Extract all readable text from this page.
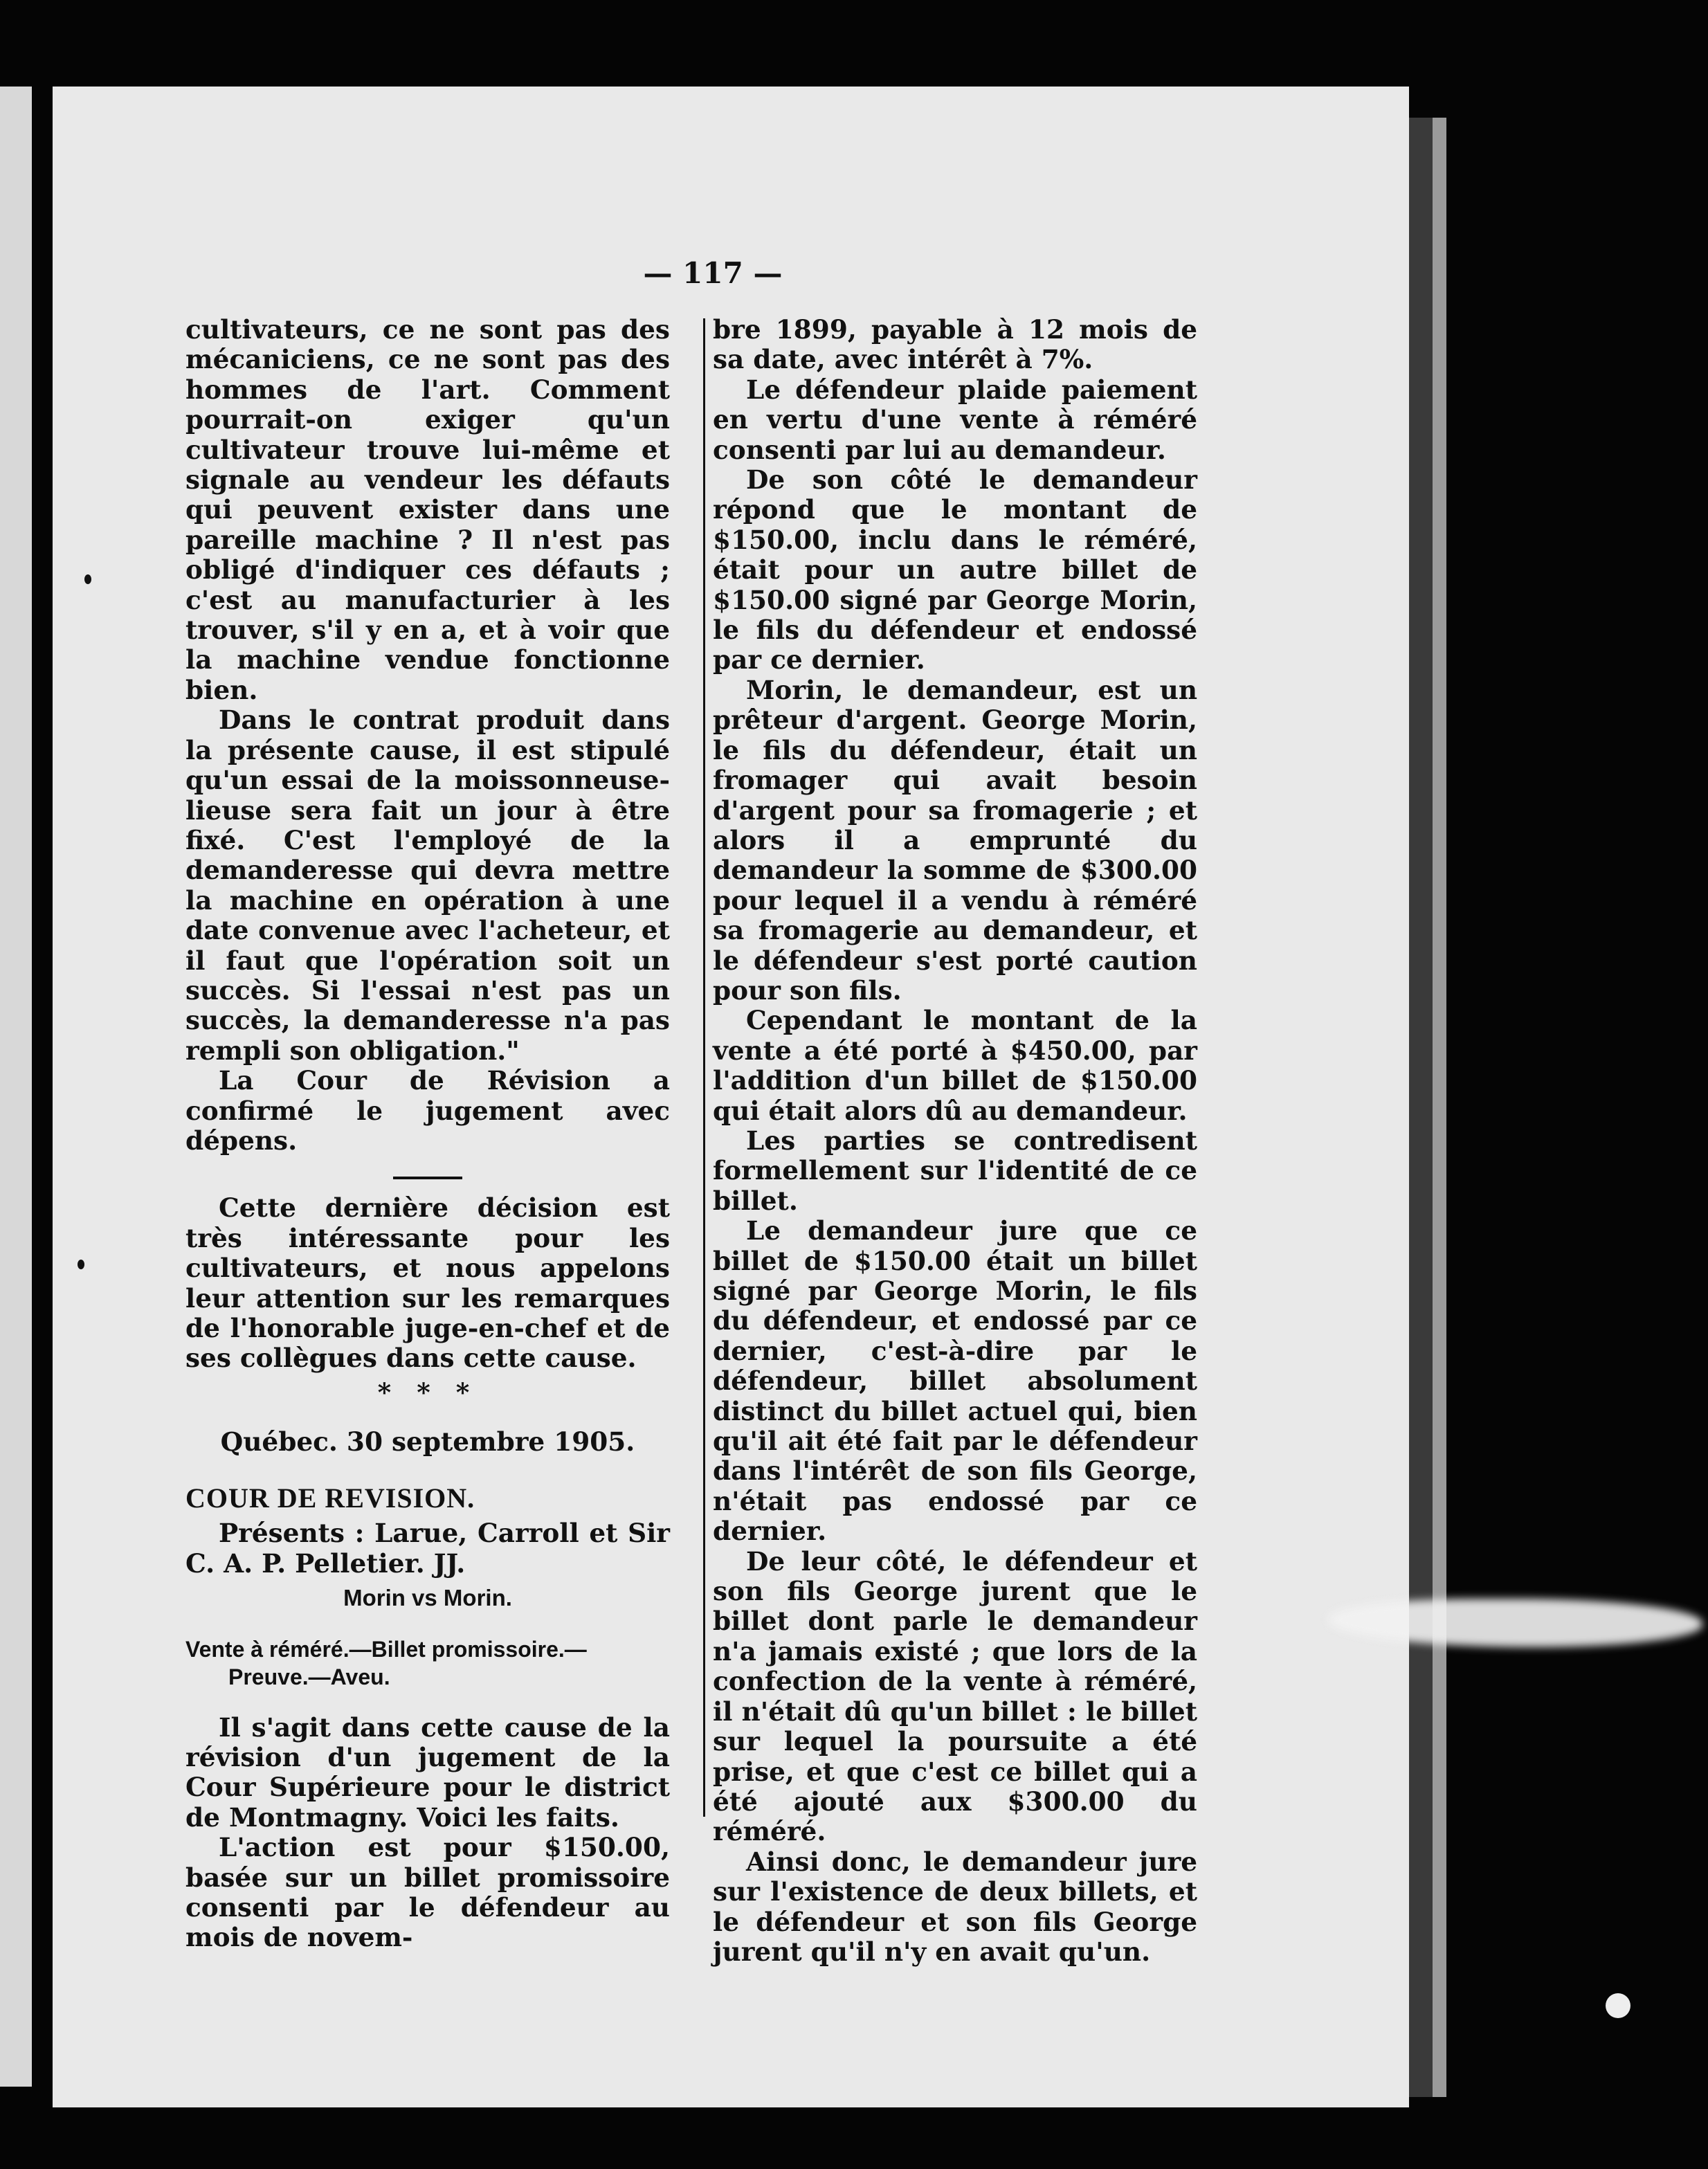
— 117 —

cultivateurs, ce ne sont pas des mécaniciens, ce ne sont pas des hommes de l'art. Comment pourrait-on exiger qu'un cultivateur trouve lui-même et signale au vendeur les défauts qui peuvent exister dans une pareille machine ? Il n'est pas obligé d'indiquer ces défauts ; c'est au manufacturier à les trouver, s'il y en a, et à voir que la machine vendue fonctionne bien.

Dans le contrat produit dans la présente cause, il est stipulé qu'un essai de la moissonneuse-lieuse sera fait un jour à être fixé. C'est l'employé de la demanderesse qui devra mettre la machine en opération à une date convenue avec l'acheteur, et il faut que l'opération soit un succès. Si l'essai n'est pas un succès, la demanderesse n'a pas rempli son obligation."

La Cour de Révision a confirmé le jugement avec dépens.

Cette dernière décision est très intéressante pour les cultivateurs, et nous appelons leur attention sur les remarques de l'honorable juge-en-chef et de ses collègues dans cette cause.

* * *

Québec. 30 septembre 1905.

COUR DE REVISION.

Présents : Larue, Carroll et Sir C. A. P. Pelletier. JJ.

Morin vs Morin.

Vente à réméré.—Billet promissoire.—
Preuve.—Aveu.

Il s'agit dans cette cause de la révision d'un jugement de la Cour Supérieure pour le district de Montmagny. Voici les faits.

L'action est pour $150.00, basée sur un billet promissoire consenti par le défendeur au mois de novem-

bre 1899, payable à 12 mois de sa date, avec intérêt à 7%.

Le défendeur plaide paiement en vertu d'une vente à réméré consenti par lui au demandeur.

De son côté le demandeur répond que le montant de $150.00, inclu dans le réméré, était pour un autre billet de $150.00 signé par George Morin, le fils du défendeur et endossé par ce dernier.

Morin, le demandeur, est un prêteur d'argent. George Morin, le fils du défendeur, était un fromager qui avait besoin d'argent pour sa fromagerie ; et alors il a emprunté du demandeur la somme de $300.00 pour lequel il a vendu à réméré sa fromagerie au demandeur, et le défendeur s'est porté caution pour son fils.

Cependant le montant de la vente a été porté à $450.00, par l'addition d'un billet de $150.00 qui était alors dû au demandeur.

Les parties se contredisent formellement sur l'identité de ce billet.

Le demandeur jure que ce billet de $150.00 était un billet signé par George Morin, le fils du défendeur, et endossé par ce dernier, c'est-à-dire par le défendeur, billet absolument distinct du billet actuel qui, bien qu'il ait été fait par le défendeur dans l'intérêt de son fils George, n'était pas endossé par ce dernier.

De leur côté, le défendeur et son fils George jurent que le billet dont parle le demandeur n'a jamais existé ; que lors de la confection de la vente à réméré, il n'était dû qu'un billet : le billet sur lequel la poursuite a été prise, et que c'est ce billet qui a été ajouté aux $300.00 du réméré.

Ainsi donc, le demandeur jure sur l'existence de deux billets, et le défendeur et son fils George jurent qu'il n'y en avait qu'un.
